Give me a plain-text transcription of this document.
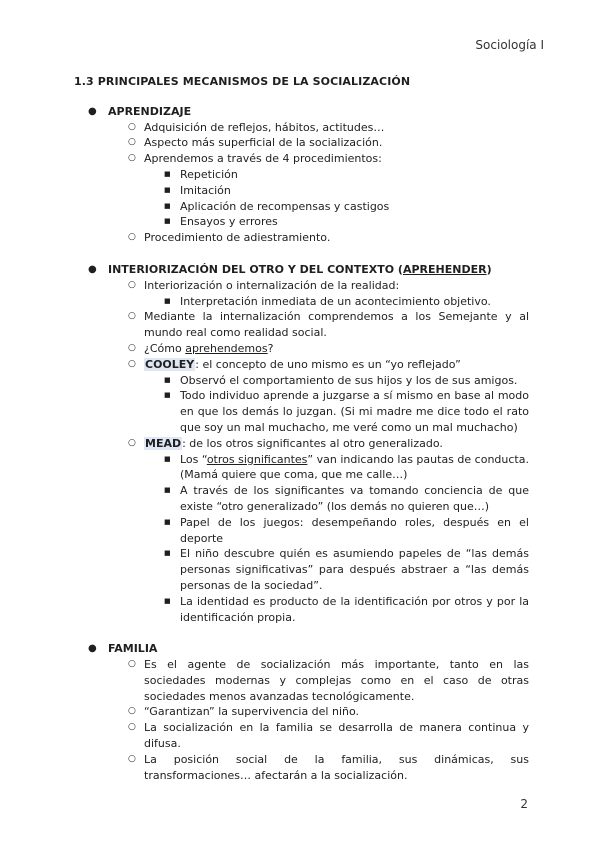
Sociología I
1.3 PRINCIPALES MECANISMOS DE LA SOCIALIZACIÓN
● APRENDIZAJE
○ Adquisición de reflejos, hábitos, actitudes…
○ Aspecto más superficial de la socialización.
○ Aprendemos a través de 4 procedimientos:
■ Repetición
■ Imitación
■ Aplicación de recompensas y castigos
■ Ensayos y errores
○ Procedimiento de adiestramiento.
● INTERIORIZACIÓN DEL OTRO Y DEL CONTEXTO (APREHENDER)
○ Interiorización o internalización de la realidad:
■ Interpretación inmediata de un acontecimiento objetivo.
○ Mediante la internalización comprendemos a los Semejante y al mundo real como realidad social.
○ ¿Cómo aprehendemos?
○ COOLEY: el concepto de uno mismo es un “yo reflejado”
■ Observó el comportamiento de sus hijos y los de sus amigos.
■ Todo individuo aprende a juzgarse a sí mismo en base al modo en que los demás lo juzgan. (Si mi madre me dice todo el rato que soy un mal muchacho, me veré como un mal muchacho)
○ MEAD: de los otros significantes al otro generalizado.
■ Los “otros significantes” van indicando las pautas de conducta. (Mamá quiere que coma, que me calle…)
■ A través de los significantes va tomando conciencia de que existe “otro generalizado” (los demás no quieren que…)
■ Papel de los juegos: desempeñando roles, después en el deporte
■ El niño descubre quién es asumiendo papeles de “las demás personas significativas” para después abstraer a “las demás personas de la sociedad”.
■ La identidad es producto de la identificación por otros y por la identificación propia.
● FAMILIA
○ Es el agente de socialización más importante, tanto en las sociedades modernas y complejas como en el caso de otras sociedades menos avanzadas tecnológicamente.
○ “Garantizan” la supervivencia del niño.
○ La socialización en la familia se desarrolla de manera continua y difusa.
○ La posición social de la familia, sus dinámicas, sus transformaciones… afectarán a la socialización.
2
